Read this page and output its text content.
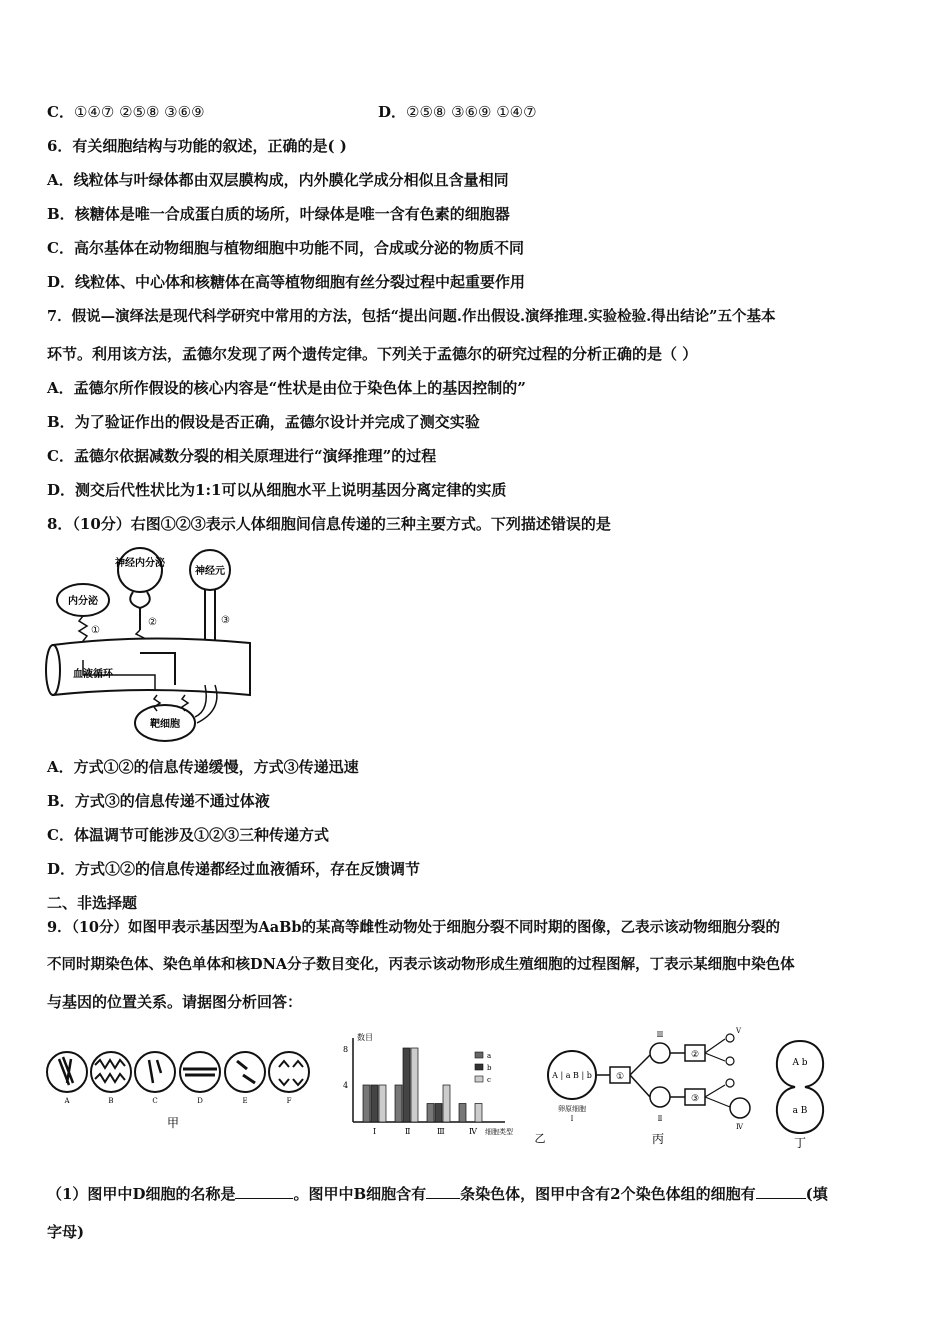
C．①④⑦ ②⑤⑧ ③⑥⑨	D．②⑤⑧ ③⑥⑨ ①④⑦
6．有关细胞结构与功能的叙述，正确的是( )
A．线粒体与叶绿体都由双层膜构成，内外膜化学成分相似且含量相同
B．核糖体是唯一合成蛋白质的场所，叶绿体是唯一含有色素的细胞器
C．高尔基体在动物细胞与植物细胞中功能不同，合成或分泌的物质不同
D．线粒体、中心体和核糖体在高等植物细胞有丝分裂过程中起重要作用
7．假说—演绎法是现代科学研究中常用的方法，包括“提出问题.作出假设.演绎推理.实验检验.得出结论”五个基本
环节。利用该方法，孟德尔发现了两个遗传定律。下列关于孟德尔的研究过程的分析正确的是（ ）
A．孟德尔所作假设的核心内容是“性状是由位于染色体上的基因控制的”
B．为了验证作出的假设是否正确，孟德尔设计并完成了测交实验
C．孟德尔依据减数分裂的相关原理进行“演绎推理”的过程
D．测交后代性状比为1:1可以从细胞水平上说明基因分离定律的实质
8．（10分）右图①②③表示人体细胞间信息传递的三种主要方式。下列描述错误的是
神经内分泌
内分泌
神经元
血液循环
靶细胞
①
②	③
A．方式①②的信息传递缓慢，方式③传递迅速
B．方式③的信息传递不通过体液
C．体温调节可能涉及①②③三种传递方式
D．方式①②的信息传递都经过血液循环，存在反馈调节
二、非选择题
9．（10分）如图甲表示基因型为AaBb的某高等雌性动物处于细胞分裂不同时期的图像，乙表示该动物细胞分裂的
不同时期染色体、染色单体和核DNA分子数目变化，丙表示该动物形成生殖细胞的过程图解，丁表示某细胞中染色体
与基因的位置关系。请据图分析回答：
A	B	C	D	E	F
甲
数目
8
4
Ⅰ	Ⅱ	Ⅲ	Ⅳ 细胞类型
a
b
c
乙
A | a B | b
卵原细胞
Ⅰ
①
Ⅲ
Ⅱ
②
③
Ⅴ
Ⅳ
丙
A b
a B
丁
（1）图甲中D细胞的名称是	。图甲中B细胞含有 条染色体，图甲中含有2个染色体组的细胞有	(填
字母)
